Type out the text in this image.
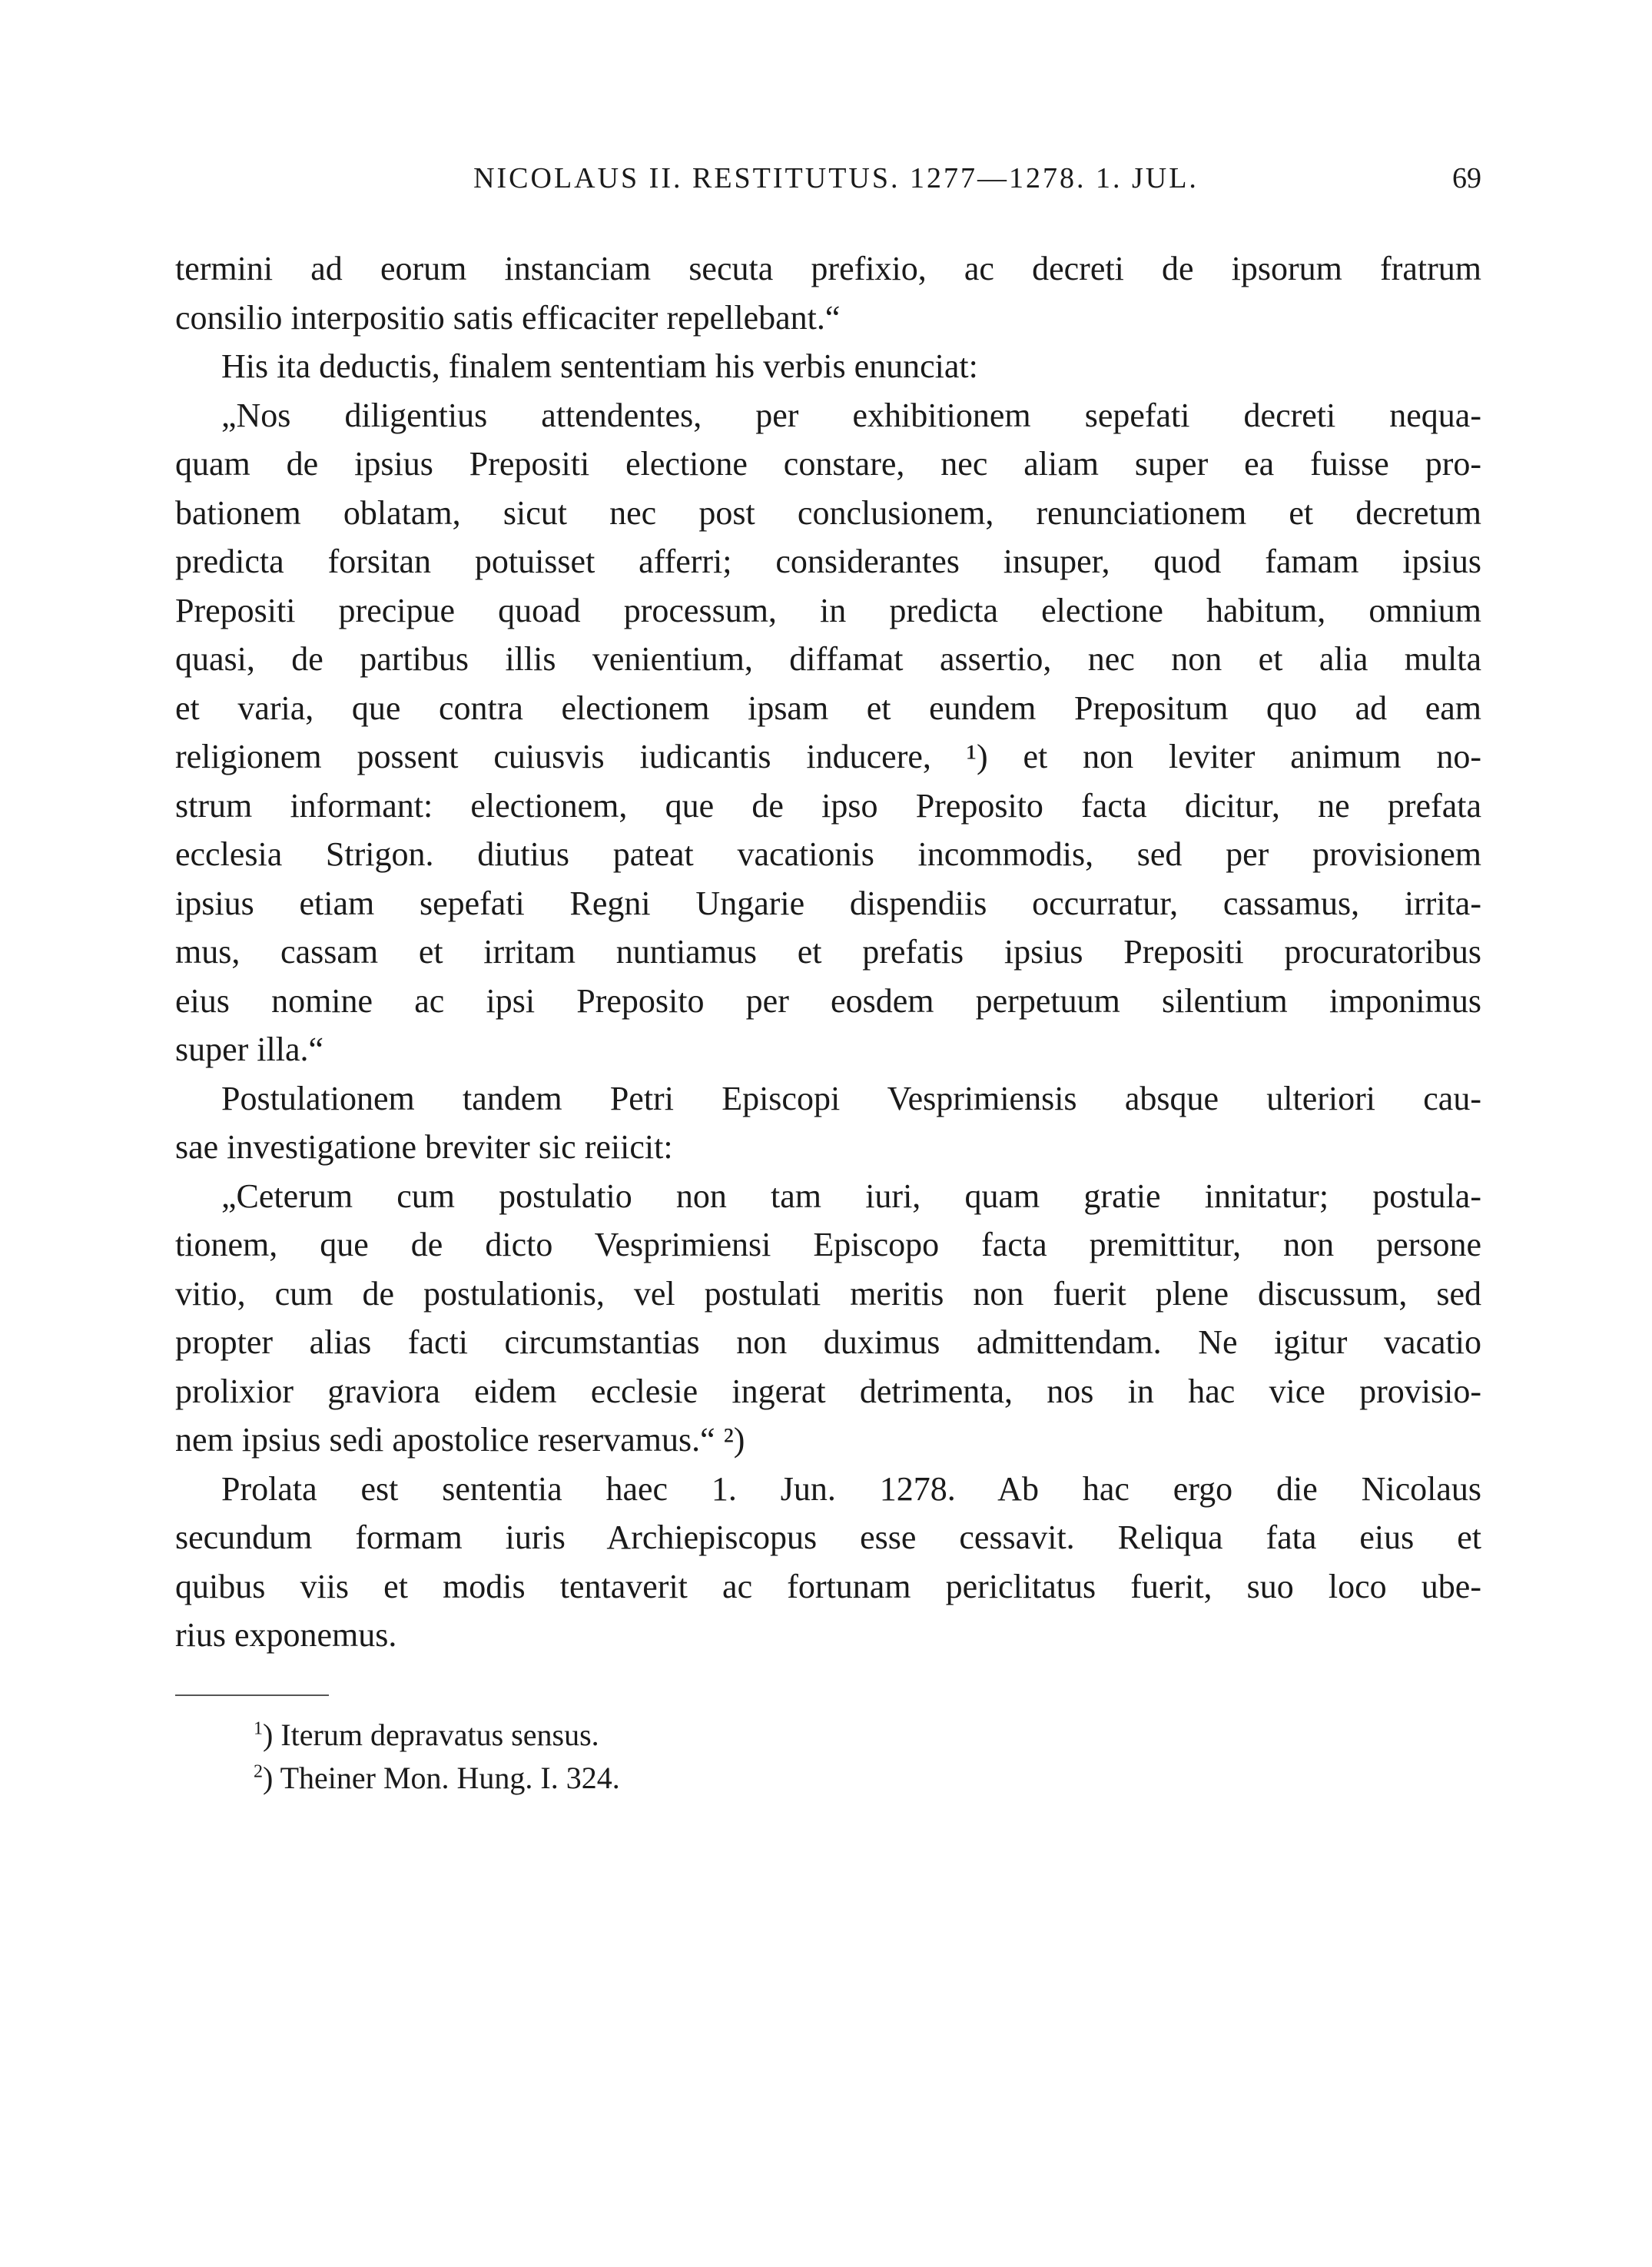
NICOLAUS II. RESTITUTUS. 1277—1278. 1. JUL.	69
termini ad eorum instanciam secuta prefixio, ac decreti de ipsorum fratrum
consilio interpositio satis efficaciter repellebant.“
His ita deductis, finalem sententiam his verbis enunciat:
„Nos diligentius attendentes, per exhibitionem sepefati decreti nequa-
quam de ipsius Prepositi electione constare, nec aliam super ea fuisse pro-
bationem oblatam, sicut nec post conclusionem, renunciationem et decretum
predicta forsitan potuisset afferri; considerantes insuper, quod famam ipsius
Prepositi precipue quoad processum, in predicta electione habitum, omnium
quasi, de partibus illis venientium, diffamat assertio, nec non et alia multa
et varia, que contra electionem ipsam et eundem Prepositum quo ad eam
religionem possent cuiusvis iudicantis inducere, ¹) et non leviter animum no-
strum informant: electionem, que de ipso Preposito facta dicitur, ne prefata
ecclesia Strigon. diutius pateat vacationis incommodis, sed per provisionem
ipsius etiam sepefati Regni Ungarie dispendiis occurratur, cassamus, irrita-
mus, cassam et irritam nuntiamus et prefatis ipsius Prepositi procuratoribus
eius nomine ac ipsi Preposito per eosdem perpetuum silentium imponimus
super illa.“
Postulationem tandem Petri Episcopi Vesprimiensis absque ulteriori cau-
sae investigatione breviter sic reiicit:
„Ceterum cum postulatio non tam iuri, quam gratie innitatur; postula-
tionem, que de dicto Vesprimiensi Episcopo facta premittitur, non persone
vitio, cum de postulationis, vel postulati meritis non fuerit plene discussum, sed
propter alias facti circumstantias non duximus admittendam. Ne igitur vacatio
prolixior graviora eidem ecclesie ingerat detrimenta, nos in hac vice provisio-
nem ipsius sedi apostolice reservamus.“ ²)
Prolata est sententia haec 1. Jun. 1278. Ab hac ergo die Nicolaus
secundum formam iuris Archiepiscopus esse cessavit. Reliqua fata eius et
quibus viis et modis tentaverit ac fortunam periclitatus fuerit, suo loco ube-
rius exponemus.
$^1$) Iterum depravatus sensus.
$^2$) Theiner Mon. Hung. I. 324.
